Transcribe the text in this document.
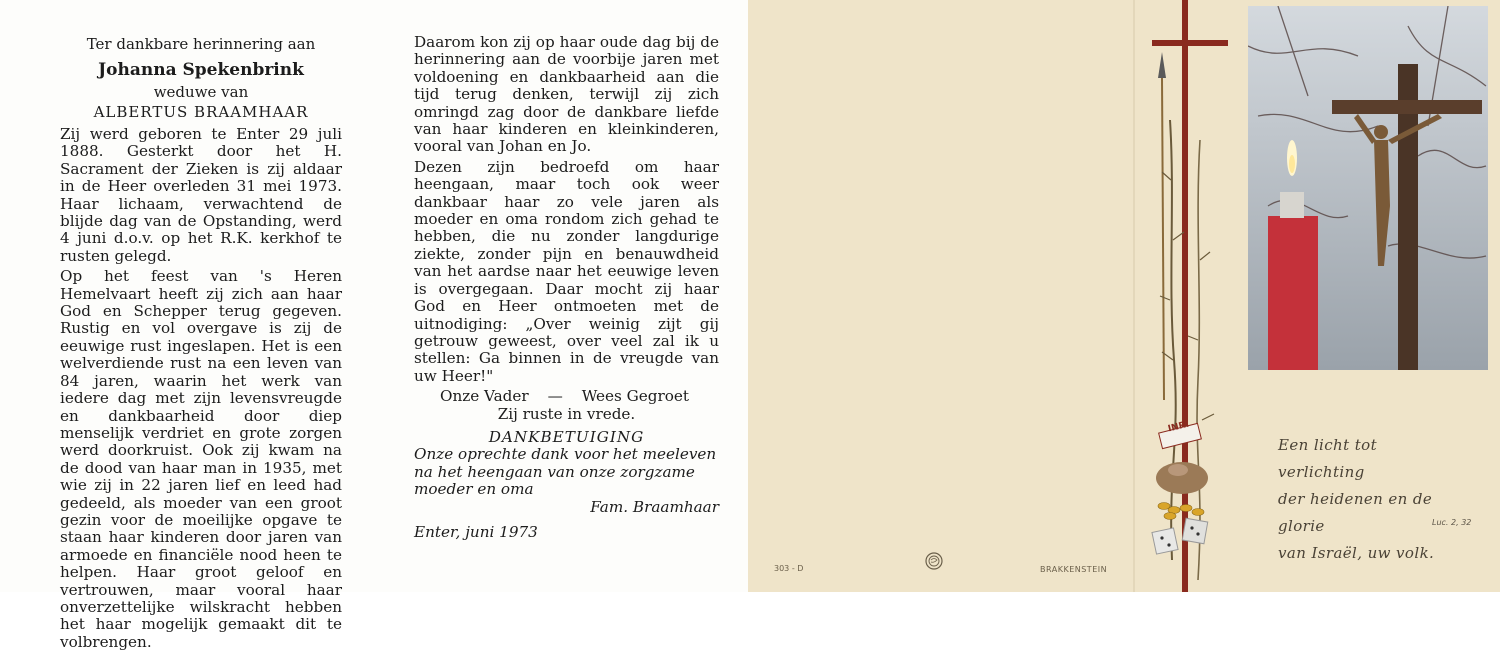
Ter dankbare herinnering aan
Johanna Spekenbrink
weduwe van
ALBERTUS BRAAMHAAR

Zij werd geboren te Enter 29 juli 1888. Gesterkt door het H. Sacrament der Zieken is zij aldaar in de Heer overleden 31 mei 1973. Haar lichaam, verwachtend de blijde dag van de Opstanding, werd 4 juni d.o.v. op het R.K. kerkhof te rusten gelegd.

Op het feest van 's Heren Hemelvaart heeft zij zich aan haar God en Schepper terug gegeven. Rustig en vol overgave is zij de eeuwige rust ingeslapen. Het is een welverdiende rust na een leven van 84 jaren, waarin het werk van iedere dag met zijn levensvreugde en dankbaarheid door diep menselijk verdriet en grote zorgen werd doorkruist. Ook zij kwam na de dood van haar man in 1935, met wie zij in 22 jaren lief en leed had gedeeld, als moeder van een groot gezin voor de moeilijke opgave te staan haar kinderen door jaren van armoede en financiële nood heen te helpen. Haar groot geloof en vertrouwen, maar vooral haar onverzettelijke wilskracht hebben het haar mogelijk gemaakt dit te volbrengen.

Daarom kon zij op haar oude dag bij de herinnering aan de voorbije jaren met voldoening en dankbaarheid aan die tijd terug denken, terwijl zij zich omringd zag door de dankbare liefde van haar kinderen en kleinkinderen, vooral van Johan en Jo.

Dezen zijn bedroefd om haar heengaan, maar toch ook weer dankbaar haar zo vele jaren als moeder en oma rondom zich gehad te hebben, die nu zonder langdurige ziekte, zonder pijn en benauwdheid van het aardse naar het eeuwige leven is overgegaan. Daar mocht zij haar God en Heer ontmoeten met de uitnodiging: „Over weinig zijt gij getrouw geweest, over veel zal ik u stellen: Ga binnen in de vreugde van uw Heer!"

Onze Vader — Wees Gegroet
Zij ruste in vrede.
DANKBETUIGING
Onze oprechte dank voor het meeleven na het heengaan van onze zorgzame moeder en oma
Fam. Braamhaar
Enter, juni 1973
303 - D	BRAKKENSTEIN
INRI
Een licht tot verlichting
der heidenen en de glorie
van Israël, uw volk.
Luc. 2, 32
